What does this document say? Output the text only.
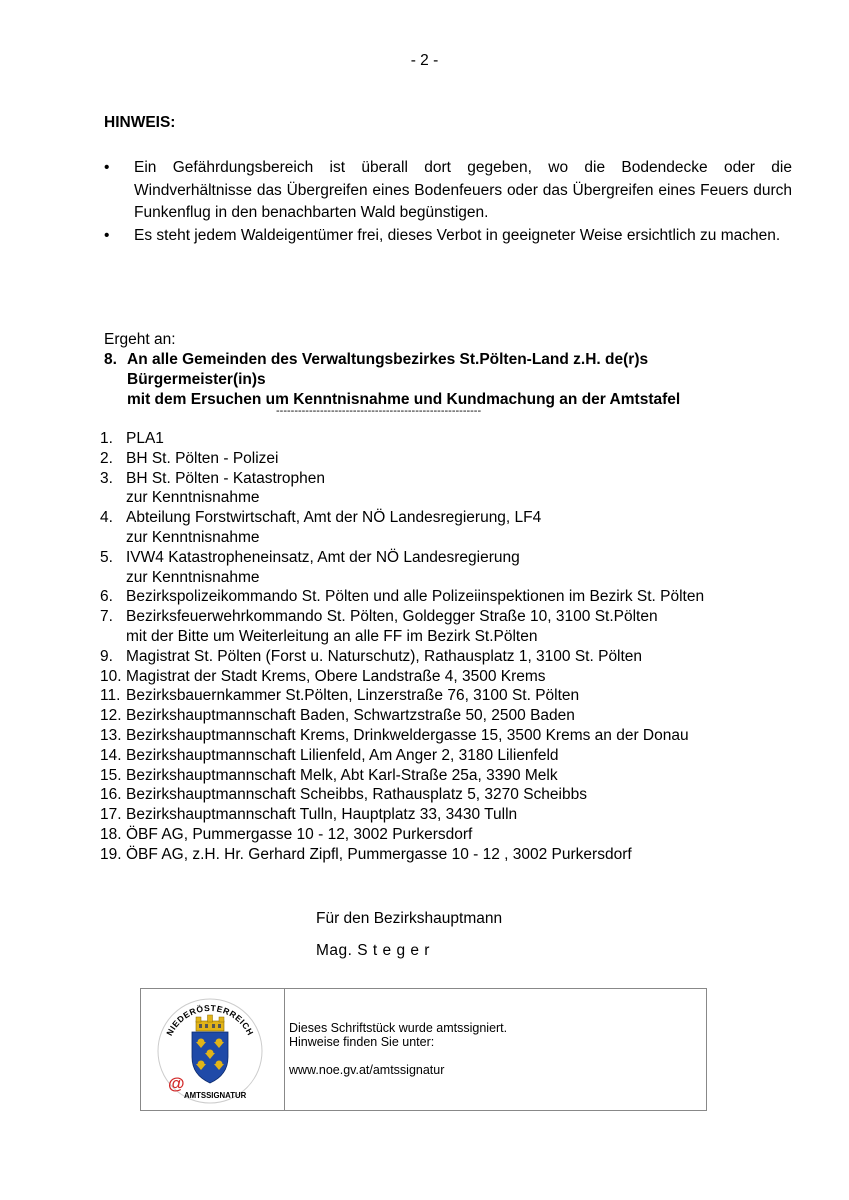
- 2 -
HINWEIS:
• Ein Gefährdungsbereich ist überall dort gegeben, wo die Bodendecke oder die Windverhältnisse das Übergreifen eines Bodenfeuers oder das Übergreifen eines Feuers durch Funkenflug in den benachbarten Wald begünstigen.
• Es steht jedem Waldeigentümer frei, dieses Verbot in geeigneter Weise ersichtlich zu machen.
Ergeht an:
8. An alle Gemeinden des Verwaltungsbezirkes St.Pölten-Land z.H. de(r)s
Bürgermeister(in)s
mit dem Ersuchen um Kenntnisnahme und Kundmachung an der Amtstafel
--------------------------------------------------------
1. PLA1
2. BH St. Pölten - Polizei
3. BH St. Pölten - Katastrophen
zur Kenntnisnahme
4. Abteilung Forstwirtschaft, Amt der NÖ Landesregierung, LF4
zur Kenntnisnahme
5. IVW4 Katastropheneinsatz, Amt der NÖ Landesregierung
zur Kenntnisnahme
6. Bezirkspolizeikommando St. Pölten und alle Polizeiinspektionen im Bezirk St. Pölten
7. Bezirksfeuerwehrkommando St. Pölten, Goldegger Straße 10, 3100 St.Pölten
mit der Bitte um Weiterleitung an alle FF im Bezirk St.Pölten
9. Magistrat St. Pölten (Forst u. Naturschutz), Rathausplatz 1, 3100 St. Pölten
10. Magistrat der Stadt Krems, Obere Landstraße 4, 3500 Krems
11. Bezirksbauernkammer St.Pölten, Linzerstraße 76, 3100 St. Pölten
12. Bezirkshauptmannschaft Baden, Schwartzstraße 50, 2500 Baden
13. Bezirkshauptmannschaft Krems, Drinkweldergasse 15, 3500 Krems an der Donau
14. Bezirkshauptmannschaft Lilienfeld, Am Anger 2, 3180 Lilienfeld
15. Bezirkshauptmannschaft Melk, Abt Karl-Straße 25a, 3390 Melk
16. Bezirkshauptmannschaft Scheibbs, Rathausplatz 5, 3270 Scheibbs
17. Bezirkshauptmannschaft Tulln, Hauptplatz 33, 3430 Tulln
18. ÖBF AG, Pummergasse 10 - 12, 3002 Purkersdorf
19. ÖBF AG, z.H. Hr. Gerhard Zipfl, Pummergasse 10 - 12 , 3002 Purkersdorf
Für den Bezirkshauptmann
Mag. S t e g e r
NIEDERÖSTERREICH
@
AMTSSIGNATUR
Dieses Schriftstück wurde amtssigniert.
Hinweise finden Sie unter:
www.noe.gv.at/amtssignatur
